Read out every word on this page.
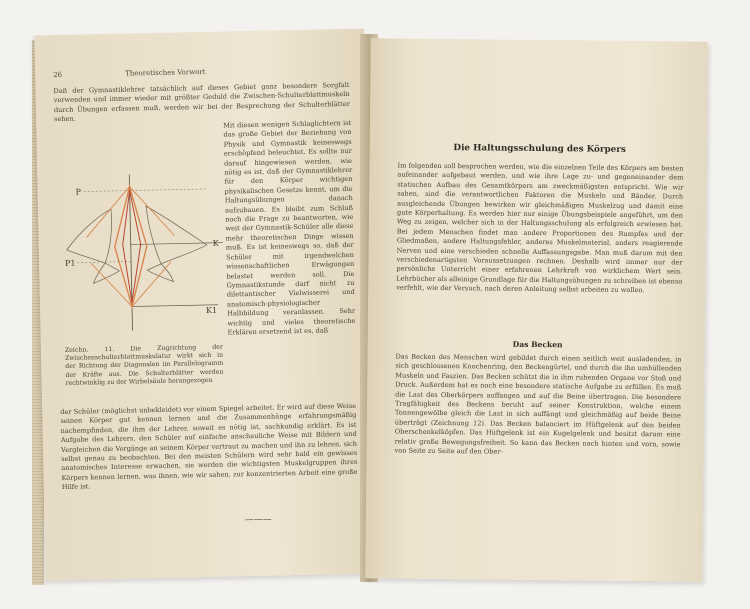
26	Theoretisches Vorwort

Daß der Gymnastiklehrer tatsächlich auf dieses Gebiet ganz besondere Sorgfalt verwenden und immer wieder mit größter Geduld die Zwischen-Schulterblattmuskeln durch Übungen erfassen muß, werden wir bei der Besprechung der Schulterblätter sehen.	Mit diesen wenigen Schlaglichtern ist das große Gebiet der Beziehung von Physik und Gymnastik keineswegs erschöpfend beleuchtet. Es sollte nur darauf hingewiesen werden, wie nötig es ist, daß der Gymnastiklehrer für den Körper wichtigen physikalischen Gesetze kennt, um die Haltungsübungen danach aufzubauen. Es bleibt zum Schluß noch die Frage zu beantworten, wie weit der Gymnastik-Schüler alle diese mehr theoretischen Dinge wissen muß. Es ist keineswegs so, daß der Schüler mit irgendwelchen wissenschaftlichen Erwägungen belastet werden soll. Die Gymnastikstunde darf nicht zu dilettantischer Vielwisserei und anatomisch-physiologischer Halbbildung veranlassen. Sehr wichtig und vieles theoretische Erklären ersetzend ist es, daß

P
K
P1
K1
Zeichn. 11. Die Zugrichtung der Zwischenschulterblattmuskulatur wirkt sich in der Richtung der Diagonalen im Parallelogramm der Kräfte aus. Die Schulterblätter werden rechtwinklig zu der Wirbelsäule herangezogen

der Schüler (möglichst unbekleidet) vor einem Spiegel arbeitet. Er wird auf diese Weise seinen Körper gut kennen lernen und die Zusammenhänge erfahrungsmäßig nachempfinden, die ihm der Lehrer, soweit es nötig ist, sachkundig erklärt. Es ist Aufgabe des Lehrers, den Schüler auf einfache anschauliche Weise mit Bildern und Vergleichen die Vorgänge an seinem Körper vertraut zu machen und ihn zu lehren, sich selbst genau zu beobachten. Bei den meisten Schülern wird sehr bald ein gewisses anatomisches Interesse erwachen, sie werden die wichtigsten Muskelgruppen ihres Körpers kennen lernen, was ihnen, wie wir sahen, zur konzentrierten Arbeit eine große Hilfe ist.

———
Die Haltungsschulung des Körpers

Im folgenden soll besprochen werden, wie die einzelnen Teile des Körpers am besten aufeinander aufgebaut werden, und wie ihre Lage zu- und gegeneinander dem statischen Aufbau des Gesamtkörpers am zweckmäßigsten entspricht. Wie wir sahen, sind die verantwortlichen Faktoren die Muskeln und Bänder. Durch ausgleichende Übungen bewirken wir gleichmäßigen Muskelzug und damit eine gute Körperhaltung. Es werden hier nur einige Übungsbeispiele angeführt, um den Weg zu zeigen, welcher sich in der Haltungsschulung als erfolgreich erwiesen hat. Bei jedem Menschen findet man andere Proportionen des Rumpfes und der Gliedmaßen, andere Haltungsfehler, anderes Muskelmaterial, anders reagierende Nerven und eine verschieden schnelle Auffassungsgabe. Man muß darum mit den verschiedenartigsten Voraussetzungen rechnen. Deshalb wird immer nur der persönliche Unterricht einer erfahrenen Lehrkraft von wirklichem Wert sein. Lehrbücher als alleinige Grundlage für die Haltungsübungen zu schreiben ist ebenso verfehlt, wie der Versuch, nach deren Anleitung selbst arbeiten zu wollen.

Das Becken

Das Becken des Menschen wird gebildet durch einen seitlich weit ausladenden, in sich geschlossenen Knochenring, den Beckengürtel, und durch die ihn umhüllenden Muskeln und Faszien. Das Becken schützt die in ihm ruhenden Organe vor Stoß und Druck. Außerdem hat es noch eine besondere statische Aufgabe zu erfüllen. Es muß die Last des Oberkörpers auffangen und auf die Beine übertragen. Die besondere Tragfähigkeit des Beckens beruht auf seiner Konstruktion, welche einem Tonnengewölbe gleich die Last in sich auffängt und gleichmäßig auf beide Beine überträgt (Zeichnung 12). Das Becken balanciert im Hüftgelenk auf den beiden Oberschenkelköpfen. Das Hüftgelenk ist ein Kugelgelenk und besitzt darum eine relativ große Bewegungsfreiheit. So kann das Becken nach hinten und vorn, sowie von Seite zu Seite auf den Ober-
